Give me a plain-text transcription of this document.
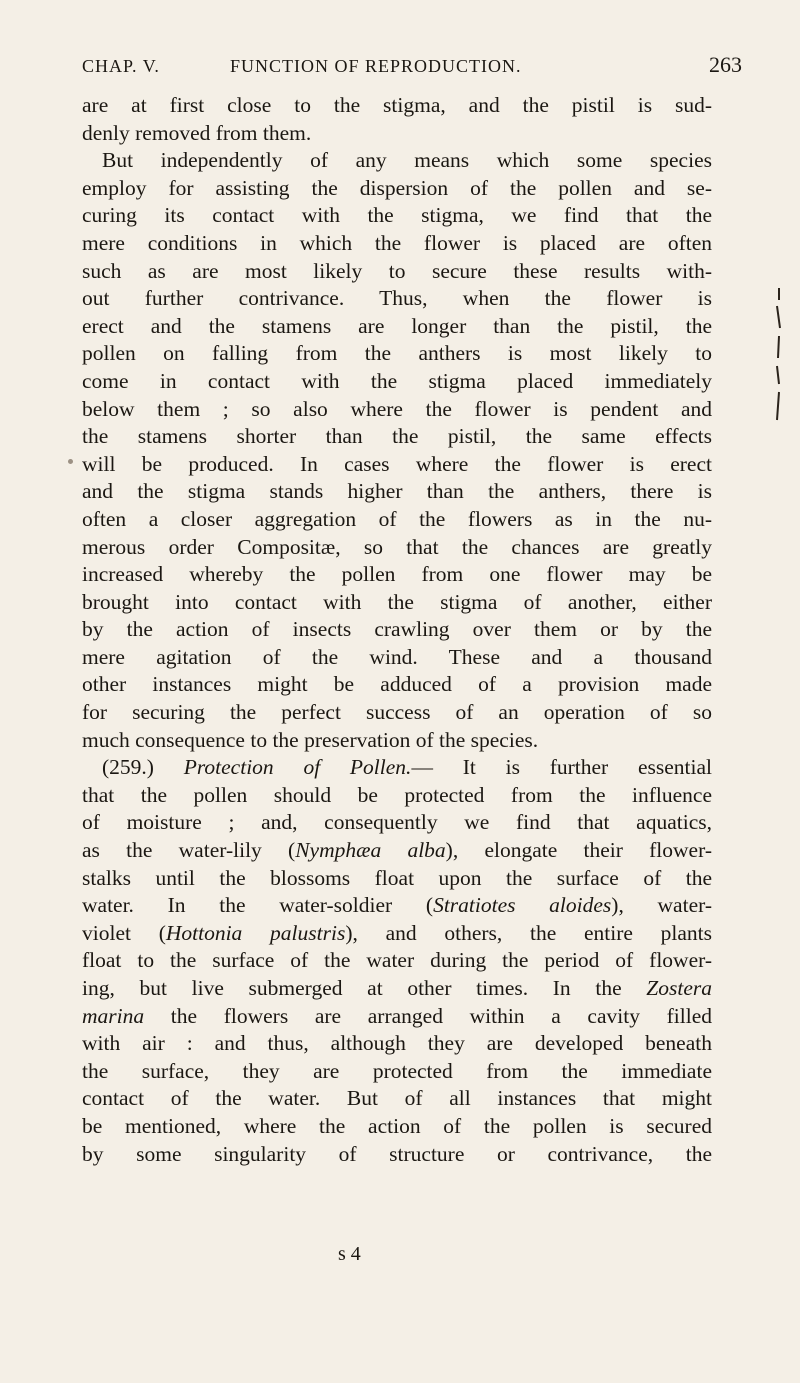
CHAP. V.	FUNCTION OF REPRODUCTION.	263
are at first close to the stigma, and the pistil is sud-
denly removed from them.
But independently of any means which some species
employ for assisting the dispersion of the pollen and se-
curing its contact with the stigma, we find that the
mere conditions in which the flower is placed are often
such as are most likely to secure these results with-
out further contrivance. Thus, when the flower is
erect and the stamens are longer than the pistil, the
pollen on falling from the anthers is most likely to
come in contact with the stigma placed immediately
below them ; so also where the flower is pendent and
the stamens shorter than the pistil, the same effects
will be produced. In cases where the flower is erect
and the stigma stands higher than the anthers, there is
often a closer aggregation of the flowers as in the nu-
merous order Compositæ, so that the chances are greatly
increased whereby the pollen from one flower may be
brought into contact with the stigma of another, either
by the action of insects crawling over them or by the
mere agitation of the wind. These and a thousand
other instances might be adduced of a provision made
for securing the perfect success of an operation of so
much consequence to the preservation of the species.
(259.) Protection of Pollen.— It is further essential
that the pollen should be protected from the influence
of moisture ; and, consequently we find that aquatics,
as the water-lily (Nymphæa alba), elongate their flower-
stalks until the blossoms float upon the surface of the
water. In the water-soldier (Stratiotes aloides), water-
violet (Hottonia palustris), and others, the entire plants
float to the surface of the water during the period of flower-
ing, but live submerged at other times. In the Zostera
marina the flowers are arranged within a cavity filled
with air : and thus, although they are developed beneath
the surface, they are protected from the immediate
contact of the water. But of all instances that might
be mentioned, where the action of the pollen is secured
by some singularity of structure or contrivance, the
s 4
